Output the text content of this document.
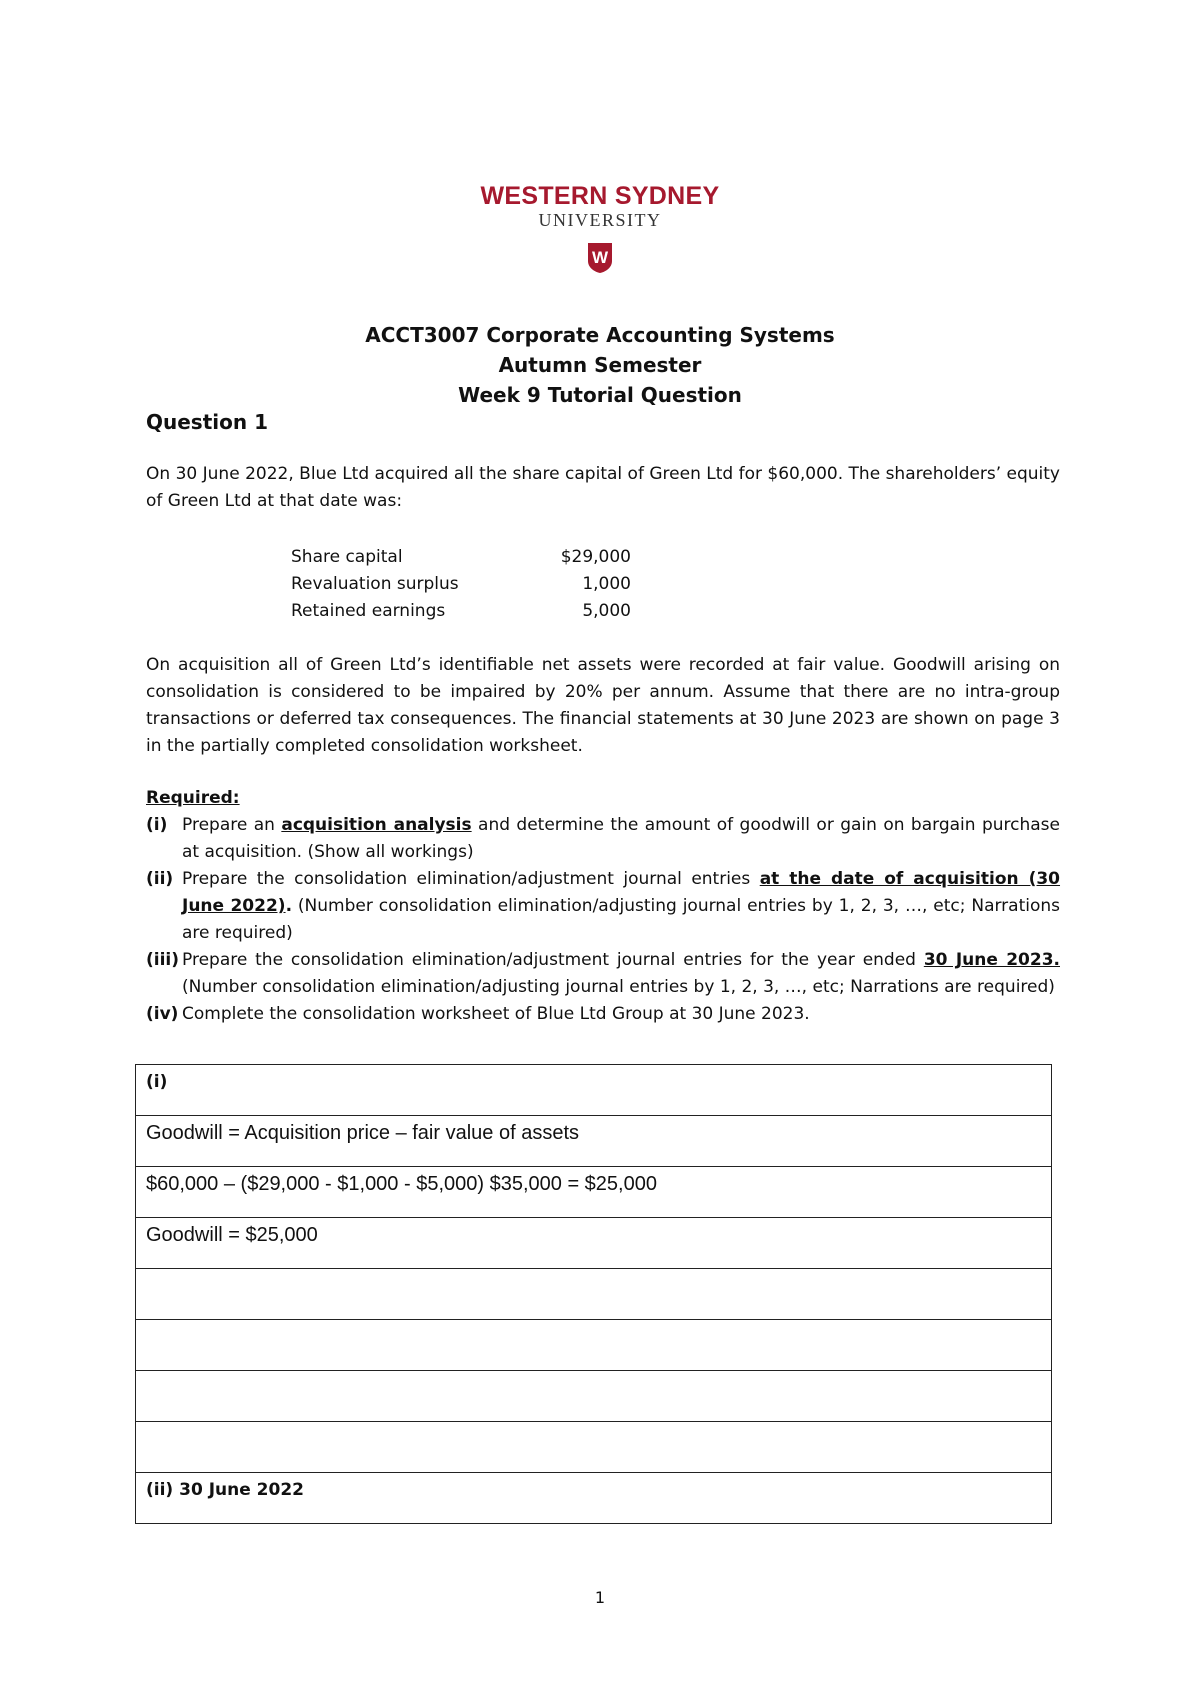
WESTERN SYDNEY
UNIVERSITY
W
ACCT3007 Corporate Accounting Systems
Autumn Semester
Week 9 Tutorial Question
Question 1
On 30 June 2022, Blue Ltd acquired all the share capital of Green Ltd for $60,000. The shareholders’ equity of Green Ltd at that date was:
Share capital	$29,000
Revaluation surplus	1,000
Retained earnings	5,000
On acquisition all of Green Ltd’s identifiable net assets were recorded at fair value. Goodwill arising on consolidation is considered to be impaired by 20% per annum. Assume that there are no intra-group transactions or deferred tax consequences. The financial statements at 30 June 2023 are shown on page 3 in the partially completed consolidation worksheet.
Required:
(i) Prepare an acquisition analysis and determine the amount of goodwill or gain on bargain purchase at acquisition. (Show all workings)
(ii) Prepare the consolidation elimination/adjustment journal entries at the date of acquisition (30 June 2022). (Number consolidation elimination/adjusting journal entries by 1, 2, 3, …, etc; Narrations are required)
(iii) Prepare the consolidation elimination/adjustment journal entries for the year ended 30 June 2023. (Number consolidation elimination/adjusting journal entries by 1, 2, 3, …, etc; Narrations are required)
(iv) Complete the consolidation worksheet of Blue Ltd Group at 30 June 2023.
(i)
Goodwill = Acquisition price – fair value of assets
$60,000 – ($29,000 - $1,000 - $5,000) $35,000 = $25,000
Goodwill = $25,000

(ii) 30 June 2022
1
